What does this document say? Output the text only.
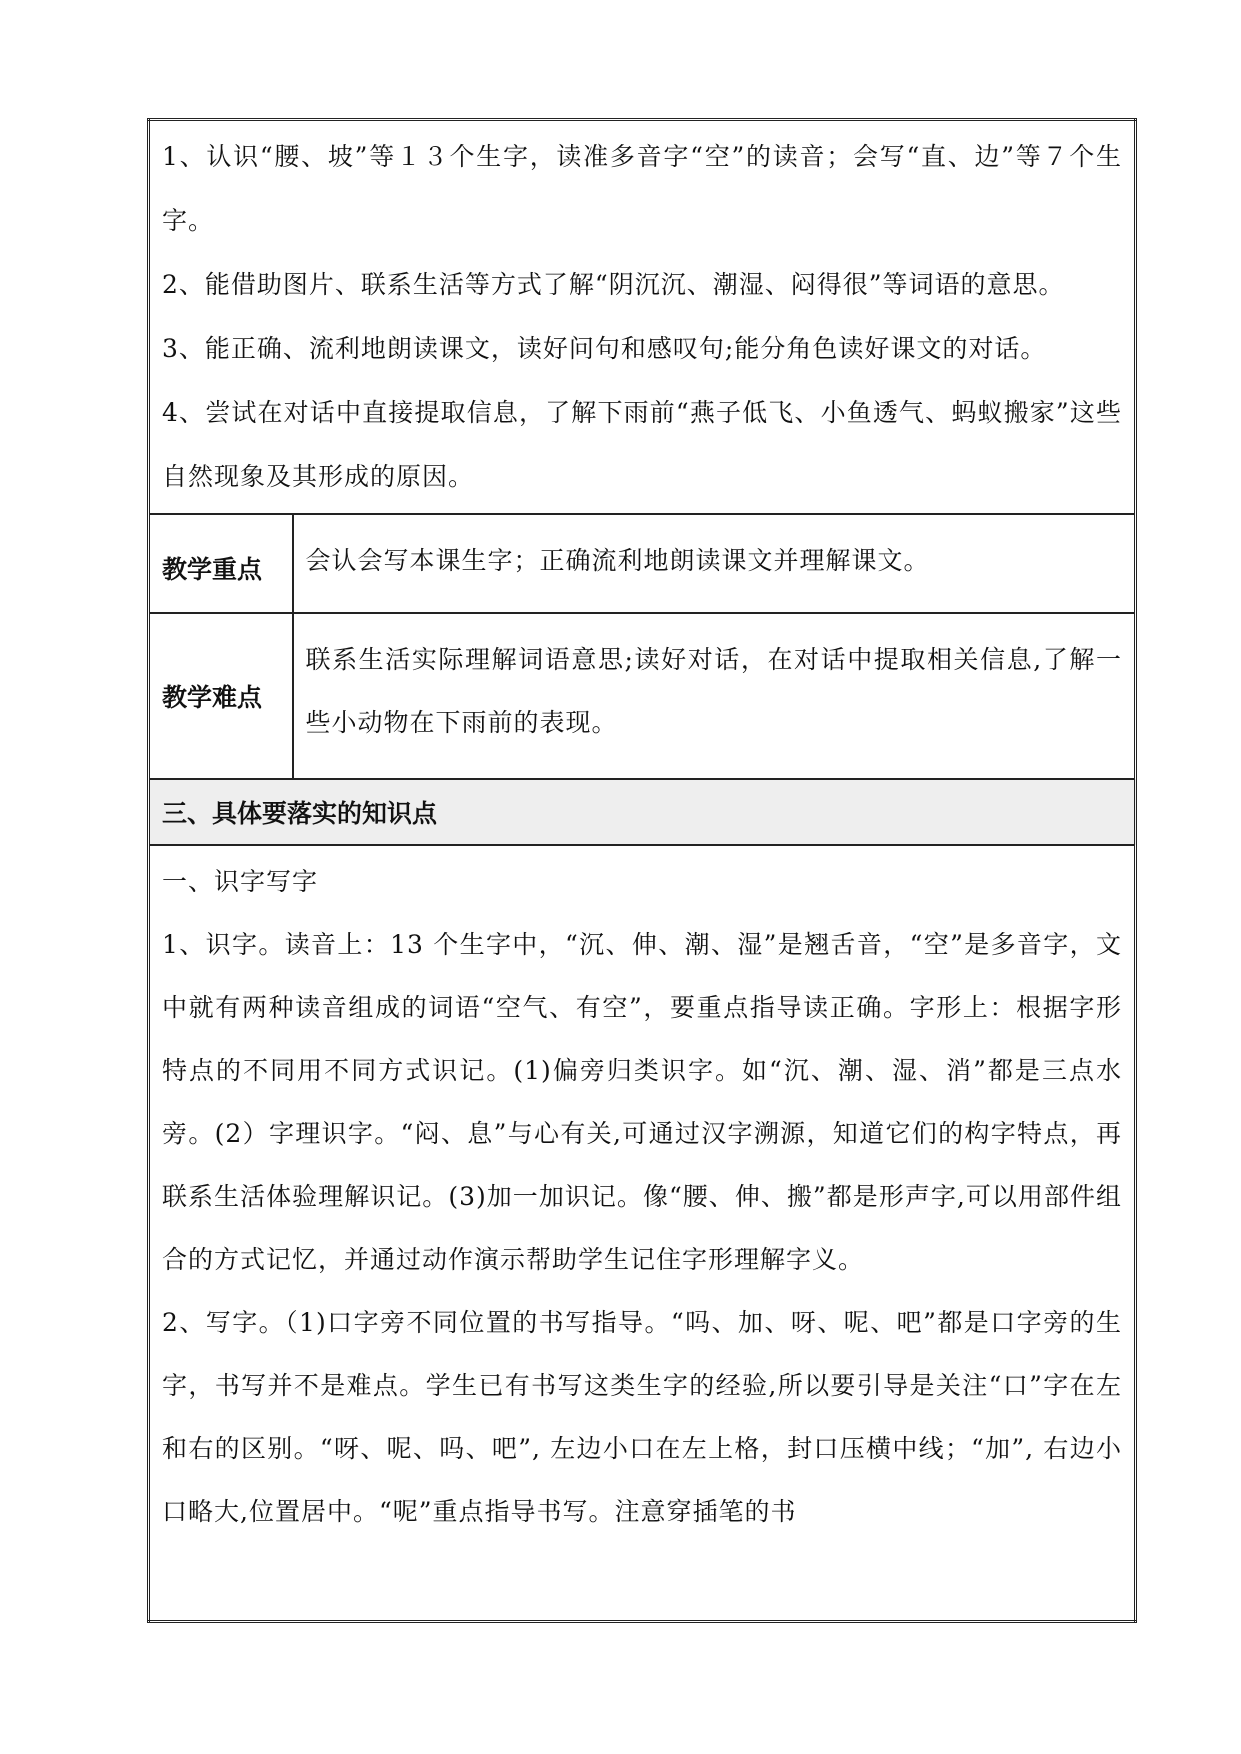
1、认识“腰、坡”等１３个生字，读准多音字“空”的读音；会写“直、边”等７个生字。

2、能借助图片、联系生活等方式了解“阴沉沉、潮湿、闷得很”等词语的意思。

3、能正确、流利地朗读课文，读好问句和感叹句;能分角色读好课文的对话。

4、尝试在对话中直接提取信息，了解下雨前“燕子低飞、小鱼透气、蚂蚁搬家”这些自然现象及其形成的原因。	

教学重点	会认会写本课生字；正确流利地朗读课文并理解课文。

教学难点	联系生活实际理解词语意思;读好对话，在对话中提取相关信息,了解一些小动物在下雨前的表现。

三、具体要落实的知识点	

一、识字写字

1、识字。读音上：13 个生字中，“沉、伸、潮、湿”是翘舌音，“空”是多音字，文中就有两种读音组成的词语“空气、有空”，要重点指导读正确。字形上：根据字形特点的不同用不同方式识记。(1)偏旁归类识字。如“沉、潮、湿、消”都是三点水旁。(2）字理识字。“闷、息”与心有关,可通过汉字溯源，知道它们的构字特点，再联系生活体验理解识记。(3)加一加识记。像“腰、伸、搬”都是形声字,可以用部件组合的方式记忆，并通过动作演示帮助学生记住字形理解字义。

2、写字。（1)口字旁不同位置的书写指导。“吗、加、呀、呢、吧”都是口字旁的生字，书写并不是难点。学生已有书写这类生字的经验,所以要引导是关注“口”字在左和右的区别。“呀、呢、吗、吧”, 左边小口在左上格，封口压横中线；“加”, 右边小口略大,位置居中。“呢”重点指导书写。注意穿插笔的书	
